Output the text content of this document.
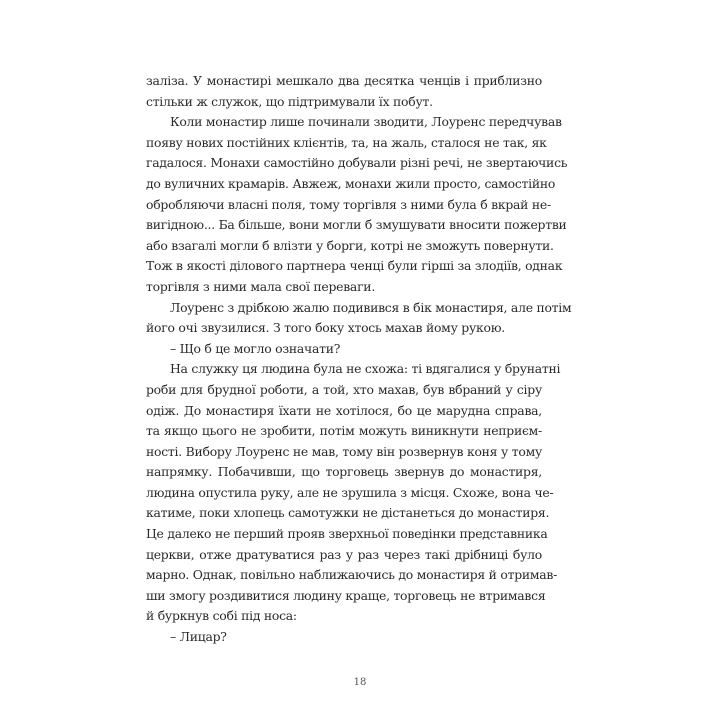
заліза. У монастирі мешкало два десятка ченців і приблизно
стільки ж служок, що підтримували їх побут.
Коли монастир лише починали зводити, Лоуренс передчував
появу нових постійних клієнтів, та, на жаль, сталося не так, як
гадалося. Монахи самостійно добували різні речі, не звертаючись
до вуличних крамарів. Авжеж, монахи жили просто, самостійно
обробляючи власні поля, тому торгівля з ними була б вкрай не-
вигідною... Ба більше, вони могли б змушувати вносити пожертви
або взагалі могли б влізти у борги, котрі не зможуть повернути.
Тож в якості ділового партнера ченці були гірші за злодіїв, однак
торгівля з ними мала свої переваги.
Лоуренс з дрібкою жалю подивився в бік монастиря, але потім
його очі звузилися. З того боку хтось махав йому рукою.
– Що б це могло означати?
На служку ця людина була не схожа: ті вдягалися у брунатні
роби для брудної роботи, а той, хто махав, був вбраний у сіру
одіж. До монастиря їхати не хотілося, бо це марудна справа,
та якщо цього не зробити, потім можуть виникнути неприєм-
ності. Вибору Лоуренс не мав, тому він розвернув коня у тому
напрямку. Побачивши, що торговець звернув до монастиря,
людина опустила руку, але не зрушила з місця. Схоже, вона че-
катиме, поки хлопець самотужки не дістанеться до монастиря.
Це далеко не перший прояв зверхньої поведінки представника
церкви, отже дратуватися раз у раз через такі дрібниці було
марно. Однак, повільно наближаючись до монастиря й отримав-
ши змогу роздивитися людину краще, торговець не втримався
й буркнув собі під носа:
– Лицар?
18
